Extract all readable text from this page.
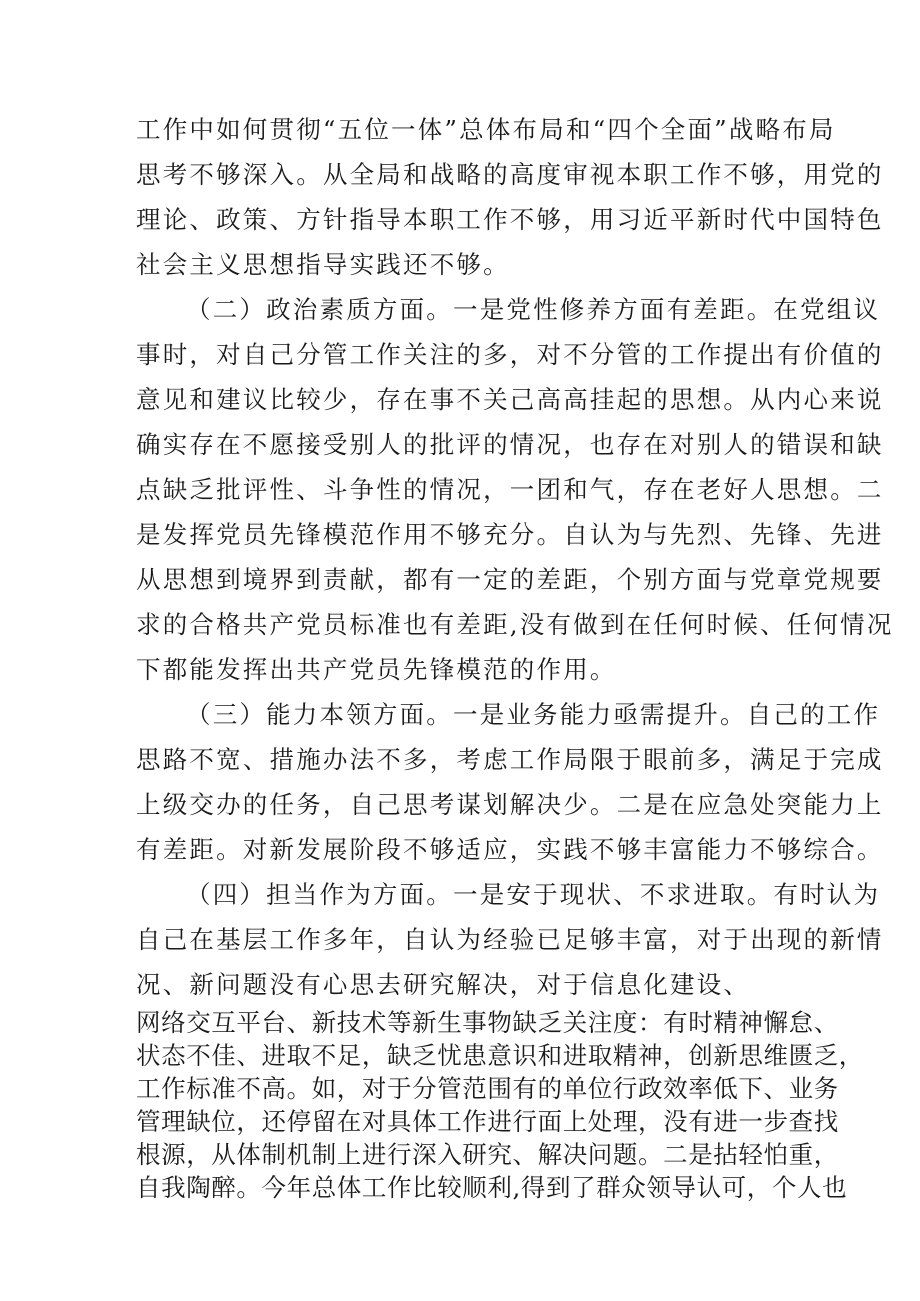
工作中如何贯彻“五位一体”总体布局和“四个全面”战略布局
思考不够深入。从全局和战略的高度审视本职工作不够，用党的
理论、政策、方针指导本职工作不够，用习近平新时代中国特色
社会主义思想指导实践还不够。
（二）政治素质方面。一是党性修养方面有差距。在党组议
事时，对自己分管工作关注的多，对不分管的工作提出有价值的
意见和建议比较少，存在事不关己高高挂起的思想。从内心来说
确实存在不愿接受别人的批评的情况，也存在对别人的错误和缺
点缺乏批评性、斗争性的情况，一团和气，存在老好人思想。二
是发挥党员先锋模范作用不够充分。自认为与先烈、先锋、先进
从思想到境界到责献，都有一定的差距，个别方面与党章党规要
求的合格共产党员标准也有差距,没有做到在任何时候、任何情况
下都能发挥出共产党员先锋模范的作用。
（三）能力本领方面。一是业务能力亟需提升。自己的工作
思路不宽、措施办法不多，考虑工作局限于眼前多，满足于完成
上级交办的任务，自己思考谋划解决少。二是在应急处突能力上
有差距。对新发展阶段不够适应，实践不够丰富能力不够综合。
（四）担当作为方面。一是安于现状、不求进取。有时认为
自己在基层工作多年，自认为经验已足够丰富，对于出现的新情
况、新问题没有心思去研究解决，对于信息化建设、
网络交互平台、新技术等新生事物缺乏关注度：有时精神懈怠、
状态不佳、进取不足，缺乏忧患意识和进取精神，创新思维匮乏，
工作标准不高。如，对于分管范围有的单位行政效率低下、业务
管理缺位，还停留在对具体工作进行面上处理，没有进一步查找
根源，从体制机制上进行深入研究、解决问题。二是拈轻怕重，
自我陶醉。今年总体工作比较顺利,得到了群众领导认可，个人也
